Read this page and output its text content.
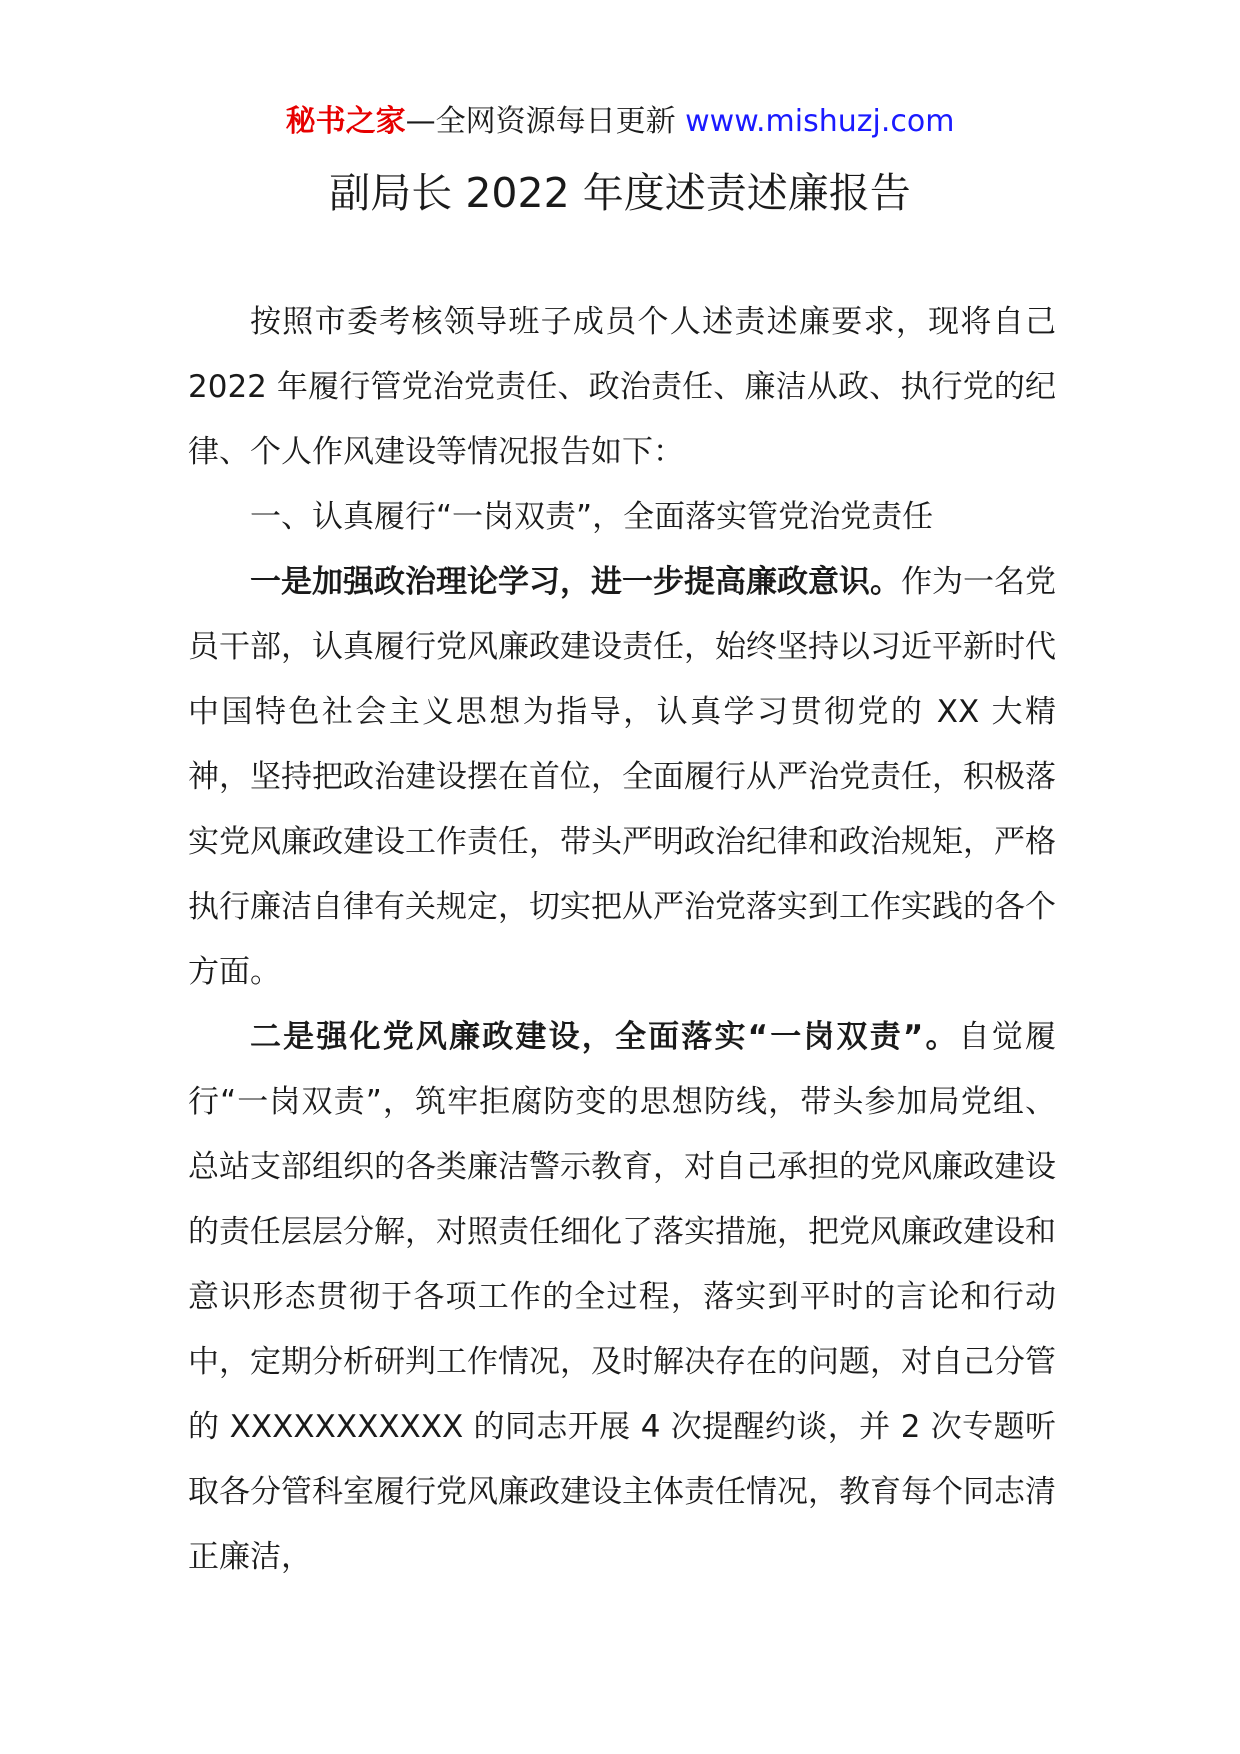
秘书之家—全网资源每日更新 www.mishuzj.com
副局长 2022 年度述责述廉报告

按照市委考核领导班子成员个人述责述廉要求，现将自己 2022 年履行管党治党责任、政治责任、廉洁从政、执行党的纪律、个人作风建设等情况报告如下：

一、认真履行“一岗双责”，全面落实管党治党责任

一是加强政治理论学习，进一步提高廉政意识。作为一名党员干部，认真履行党风廉政建设责任，始终坚持以习近平新时代中国特色社会主义思想为指导，认真学习贯彻党的 XX 大精神，坚持把政治建设摆在首位，全面履行从严治党责任，积极落实党风廉政建设工作责任，带头严明政治纪律和政治规矩，严格执行廉洁自律有关规定，切实把从严治党落实到工作实践的各个方面。

二是强化党风廉政建设，全面落实“一岗双责”。自觉履行“一岗双责”，筑牢拒腐防变的思想防线，带头参加局党组、总站支部组织的各类廉洁警示教育，对自己承担的党风廉政建设的责任层层分解，对照责任细化了落实措施，把党风廉政建设和意识形态贯彻于各项工作的全过程，落实到平时的言论和行动中，定期分析研判工作情况，及时解决存在的问题，对自己分管的 XXXXXXXXXXX 的同志开展 4 次提醒约谈，并 2 次专题听取各分管科室履行党风廉政建设主体责任情况，教育每个同志清正廉洁，
